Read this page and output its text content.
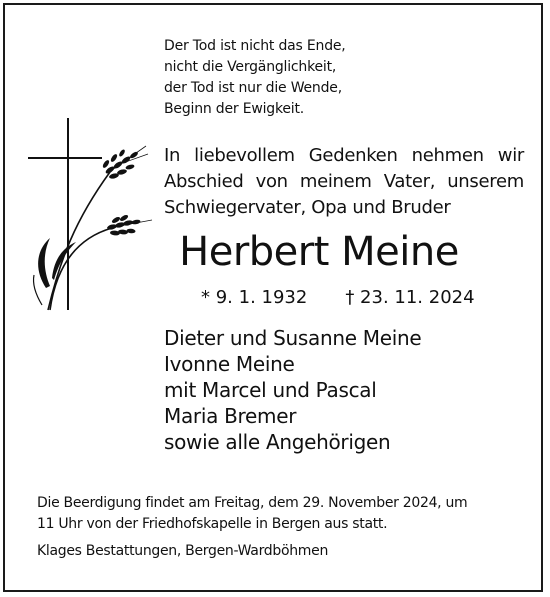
Der Tod ist nicht das Ende,
nicht die Vergänglichkeit,
der Tod ist nur die Wende,
Beginn der Ewigkeit.
In liebevollem Gedenken nehmen wir Abschied von meinem Vater, unserem Schwiegervater, Opa und Bruder
Herbert Meine
* 9. 1. 1932 † 23. 11. 2024
Dieter und Susanne Meine
Ivonne Meine
mit Marcel und Pascal
Maria Bremer
sowie alle Angehörigen
Die Beerdigung findet am Freitag, dem 29. November 2024, um
11 Uhr von der Friedhofskapelle in Bergen aus statt.
Klages Bestattungen, Bergen-Wardböhmen
